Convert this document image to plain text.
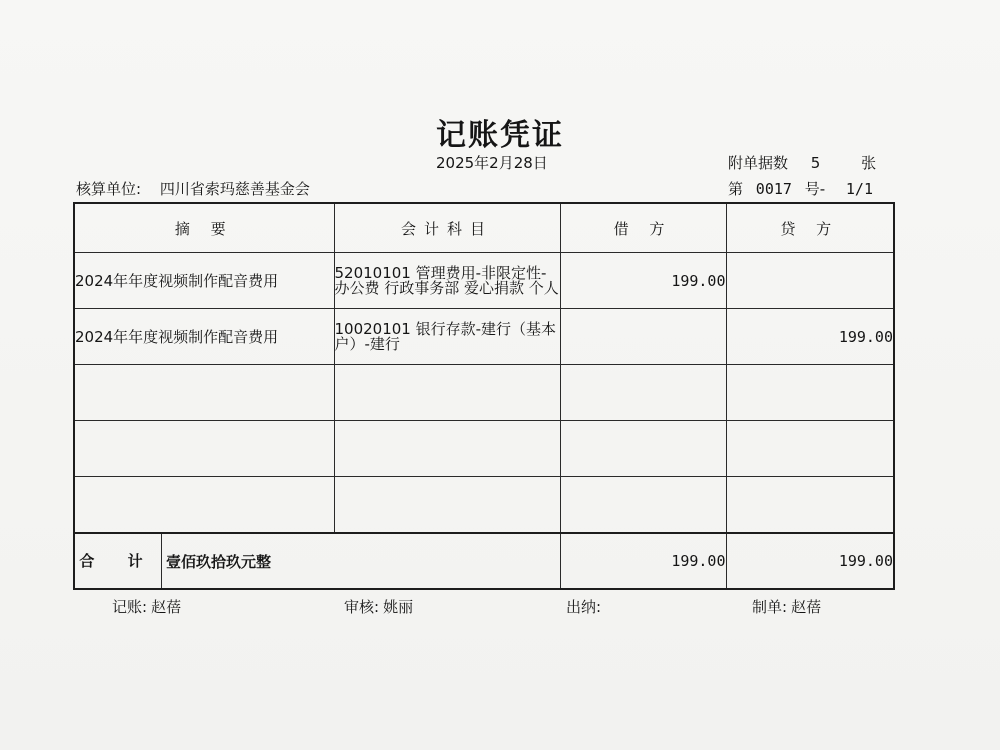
记账凭证
2025年2月28日	附单据数 5	张
核算单位: 四川省索玛慈善基金会	第 0017 号- 1/1
摘 要	会计科目	借 方	贷 方
2024年年度视频制作配音费用	52010101 管理费用-非限定性-办公费 行政事务部 爱心捐款 个人	199.00	
2024年年度视频制作配音费用	10020101 银行存款-建行（基本户）-建行		199.00

合 计 壹佰玖拾玖元整		199.00	199.00
记账: 赵蓓	审核: 姚丽	出纳:	制单: 赵蓓
